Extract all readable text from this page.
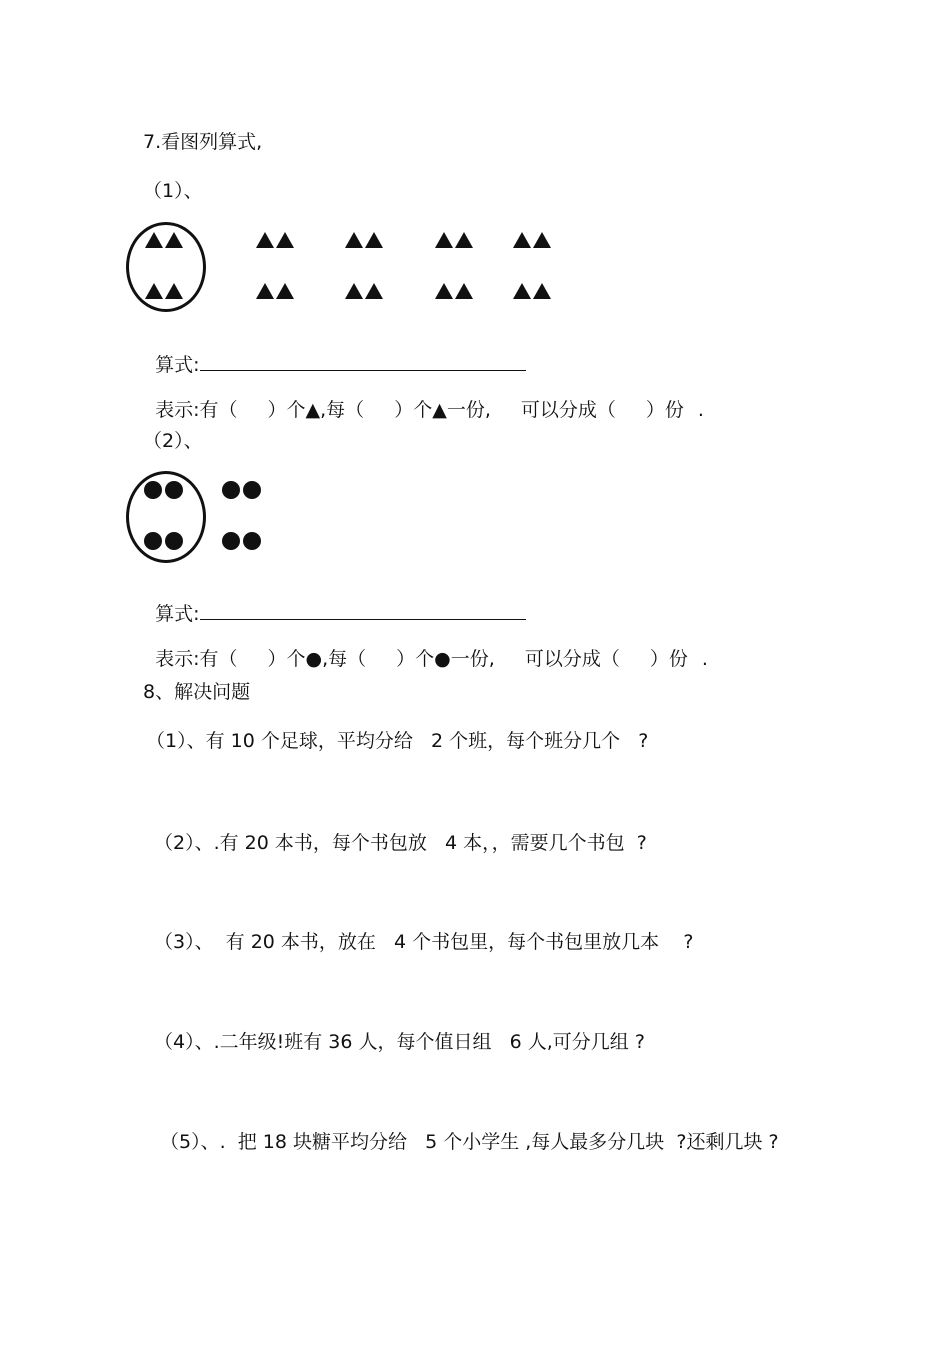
7.看图列算式,
（1）、

算式:

表示:有（ ）个▲,每（ ）个▲一份, 可以分成（ ）份 .

（2）、

算式:

表示:有（ ）个●,每（ ）个●一份, 可以分成（ ）份 .

8、解决问题
（1）、有 10 个足球，平均分给   2 个班，每个班分几个   ?
（2）、.有 20 本书，每个书包放   4 本，，需要几个书包  ?
（3）、  有 20 本书，放在   4 个书包里，每个书包里放几本    ?
（4）、.二年级!班有 36 人，每个值日组   6 人,可分几组 ?
（5）、.  把 18 块糖平均分给   5 个小学生 ,每人最多分几块  ?还剩几块 ?
